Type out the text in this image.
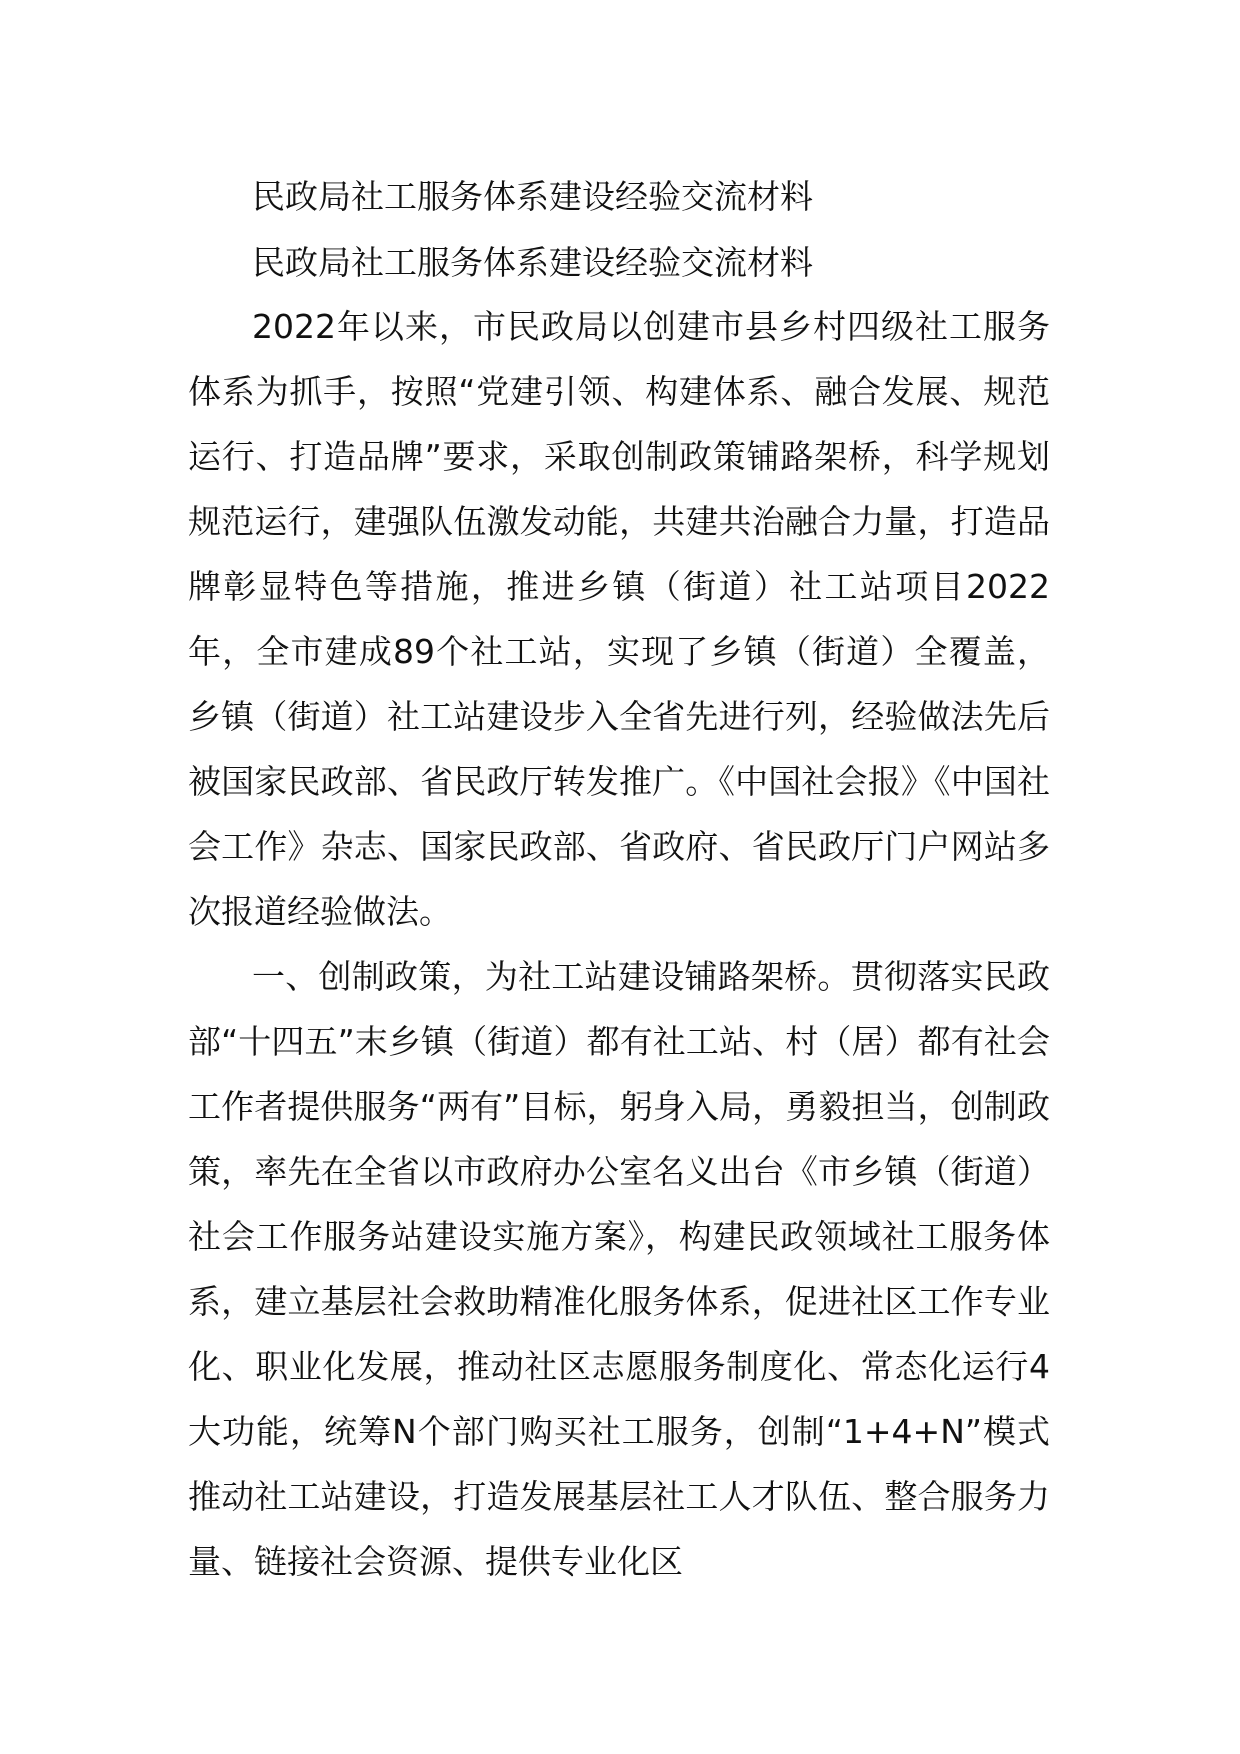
民政局社工服务体系建设经验交流材料
民政局社工服务体系建设经验交流材料

2022年以来，市民政局以创建市县乡村四级社工服务体系为抓手，按照“党建引领、构建体系、融合发展、规范运行、打造品牌”要求，采取创制政策铺路架桥，科学规划规范运行，建强队伍激发动能，共建共治融合力量，打造品牌彰显特色等措施，推进乡镇（街道）社工站项目2022年，全市建成89个社工站，实现了乡镇（街道）全覆盖，乡镇（街道）社工站建设步入全省先进行列，经验做法先后被国家民政部、省民政厅转发推广。《中国社会报》《中国社会工作》杂志、国家民政部、省政府、省民政厅门户网站多次报道经验做法。

一、创制政策，为社工站建设铺路架桥。贯彻落实民政部“十四五”末乡镇（街道）都有社工站、村（居）都有社会工作者提供服务“两有”目标，躬身入局，勇毅担当，创制政策，率先在全省以市政府办公室名义出台《市乡镇（街道）社会工作服务站建设实施方案》，构建民政领域社工服务体系，建立基层社会救助精准化服务体系，促进社区工作专业化、职业化发展，推动社区志愿服务制度化、常态化运行4大功能，统筹N个部门购买社工服务，创制“1+4+N”模式推动社工站建设，打造发展基层社工人才队伍、整合服务力量、链接社会资源、提供专业化区
